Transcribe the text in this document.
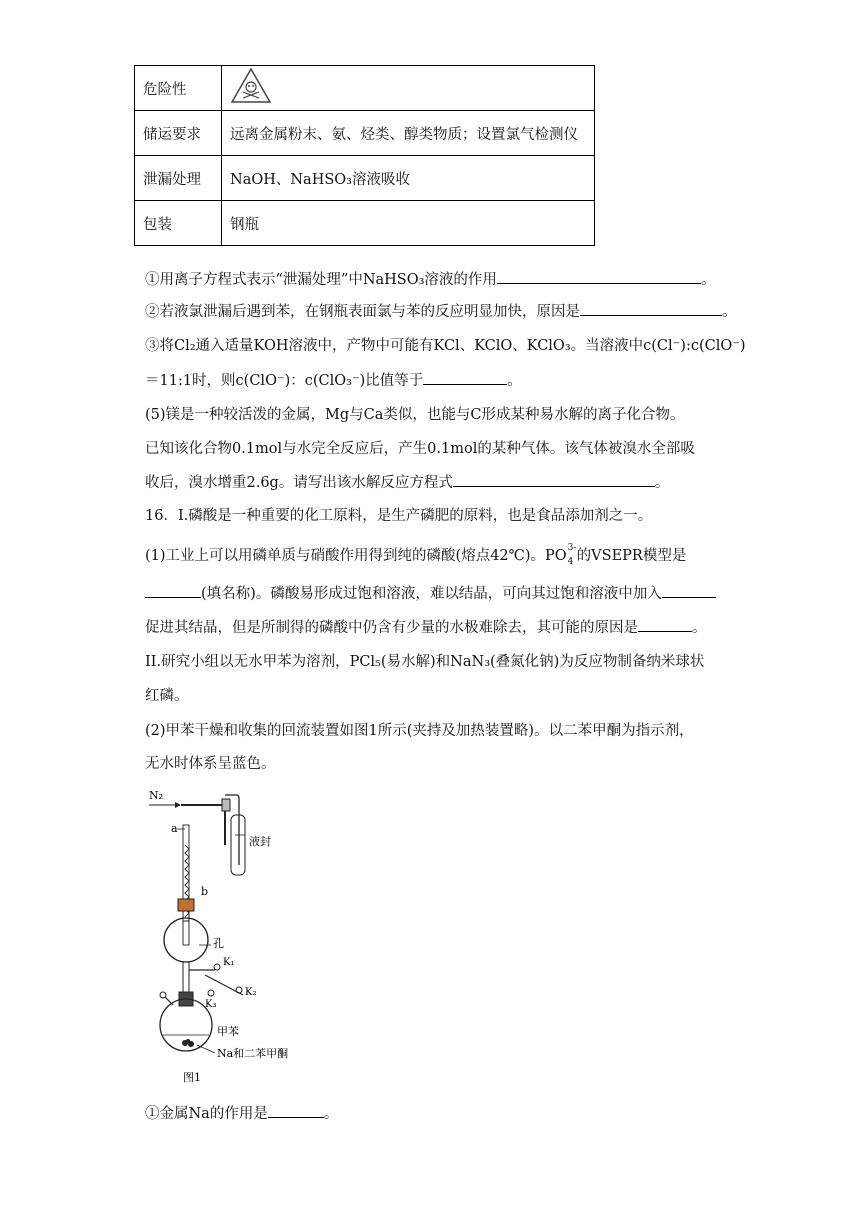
危险性	
储运要求	远离金属粉末、氨、烃类、醇类物质；设置氯气检测仪
泄漏处理	NaOH、NaHSO₃溶液吸收
包装	钢瓶
①用离子方程式表示“泄漏处理”中NaHSO₃溶液的作用	。
②若液氯泄漏后遇到苯，在钢瓶表面氯与苯的反应明显加快，原因是	。
③将Cl₂通入适量KOH溶液中，产物中可能有KCl、KClO、KClO₃。当溶液中c(Cl⁻):c(ClO⁻)
＝11:1时，则c(ClO⁻)：c(ClO₃⁻)比值等于	。
(5)镁是一种较活泼的金属，Mg与Ca类似，也能与C形成某种易水解的离子化合物。
已知该化合物0.1mol与水完全反应后，产生0.1mol的某种气体。该气体被溴水全部吸
收后，溴水增重2.6g。请写出该水解反应方程式	。
16．I.磷酸是一种重要的化工原料，是生产磷肥的原料，也是食品添加剂之一。
(1)工业上可以用磷单质与硝酸作用得到纯的磷酸(熔点42℃)。PO 3-
4 的VSEPR模型是
(填名称)。磷酸易形成过饱和溶液，难以结晶，可向其过饱和溶液中加入
促进其结晶，但是所制得的磷酸中仍含有少量的水极难除去，其可能的原因是	。
II.研究小组以无水甲苯为溶剂，PCl₅(易水解)和NaN₃(叠氮化钠)为反应物制备纳米球状
红磷。
(2)甲苯干燥和收集的回流装置如图1所示(夹持及加热装置略)。以二苯甲酮为指示剂，
无水时体系呈蓝色。
N₂
液封
a
b
孔
K₁
K₂
K₃
甲苯
Na和二苯甲酮
图1
①金属Na的作用是	。
